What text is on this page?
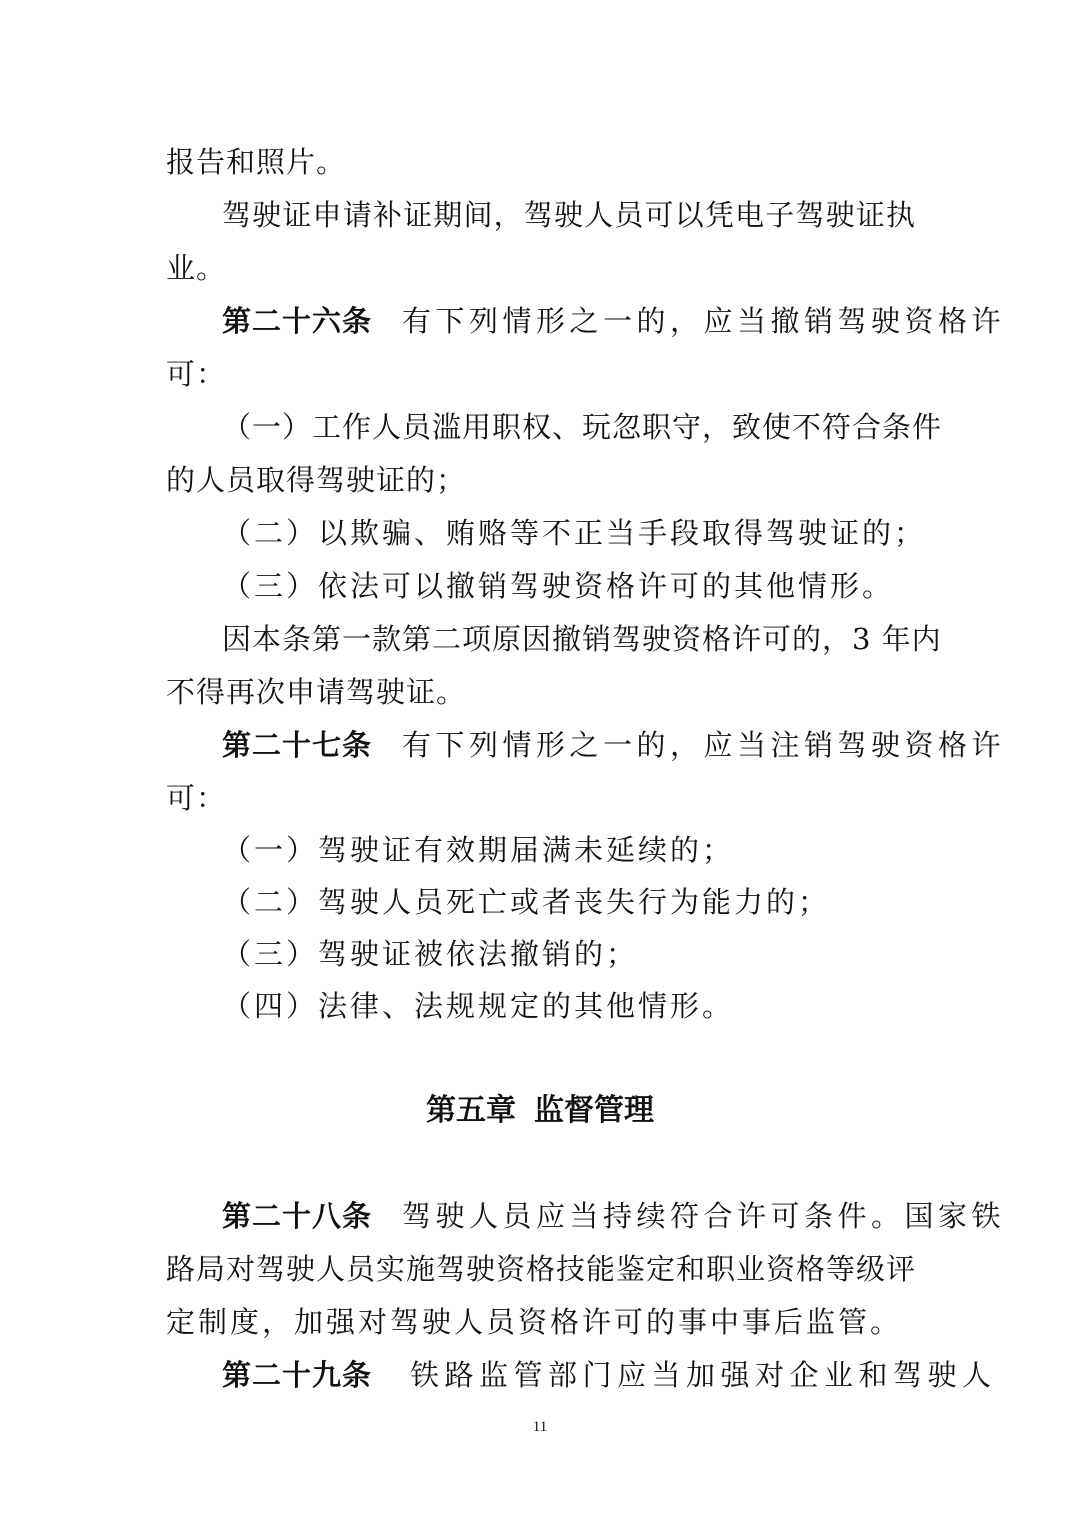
报告和照片。
驾驶证申请补证期间，驾驶人员可以凭电子驾驶证执
业。
第二十六条 有下列情形之一的，应当撤销驾驶资格许
可：
（一）工作人员滥用职权、玩忽职守，致使不符合条件
的人员取得驾驶证的；
（二）以欺骗、贿赂等不正当手段取得驾驶证的；
（三）依法可以撤销驾驶资格许可的其他情形。
因本条第一款第二项原因撤销驾驶资格许可的，3 年内
不得再次申请驾驶证。
第二十七条 有下列情形之一的，应当注销驾驶资格许
可：
（一）驾驶证有效期届满未延续的；
（二）驾驶人员死亡或者丧失行为能力的；
（三）驾驶证被依法撤销的；
（四）法律、法规规定的其他情形。
第五章 监督管理
第二十八条 驾驶人员应当持续符合许可条件。国家铁
路局对驾驶人员实施驾驶资格技能鉴定和职业资格等级评
定制度，加强对驾驶人员资格许可的事中事后监管。
第二十九条 铁路监管部门应当加强对企业和驾驶人
11
